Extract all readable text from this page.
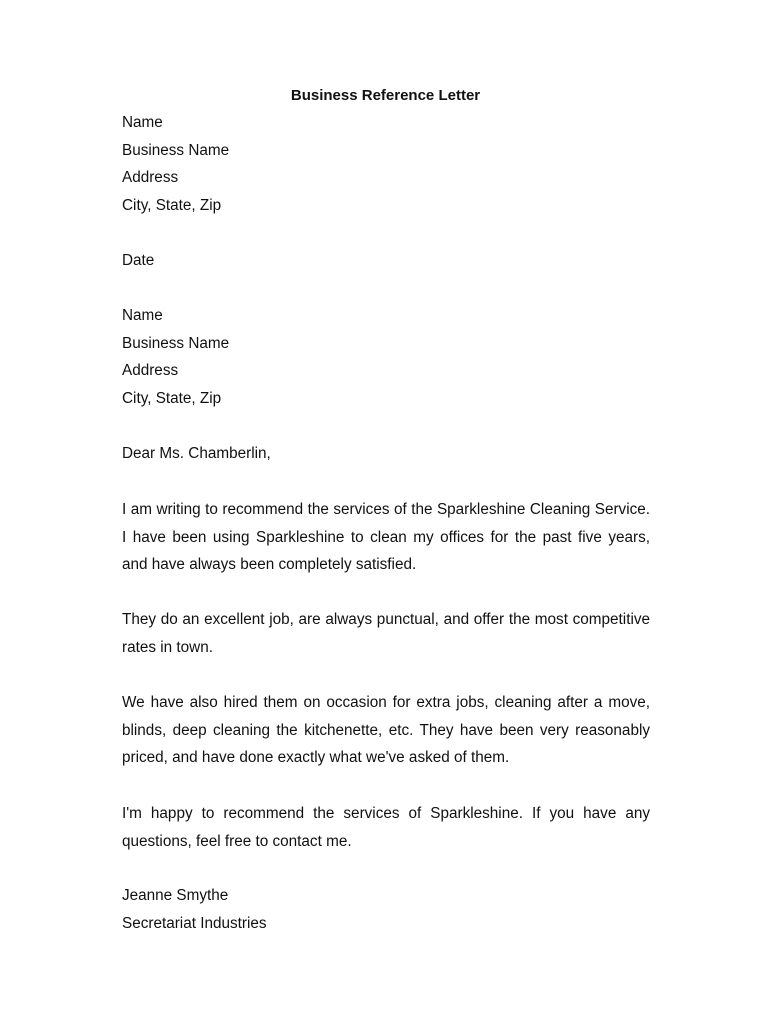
Business Reference Letter
Name
Business Name
Address
City, State, Zip
Date
Name
Business Name
Address
City, State, Zip
Dear Ms. Chamberlin,
I am writing to recommend the services of the Sparkleshine Cleaning Service. I have been using Sparkleshine to clean my offices for the past five years, and have always been completely satisfied.
They do an excellent job, are always punctual, and offer the most competitive rates in town.
We have also hired them on occasion for extra jobs, cleaning after a move, blinds, deep cleaning the kitchenette, etc. They have been very reasonably priced, and have done exactly what we've asked of them.
I'm happy to recommend the services of Sparkleshine. If you have any questions, feel free to contact me.
Jeanne Smythe
Secretariat Industries
